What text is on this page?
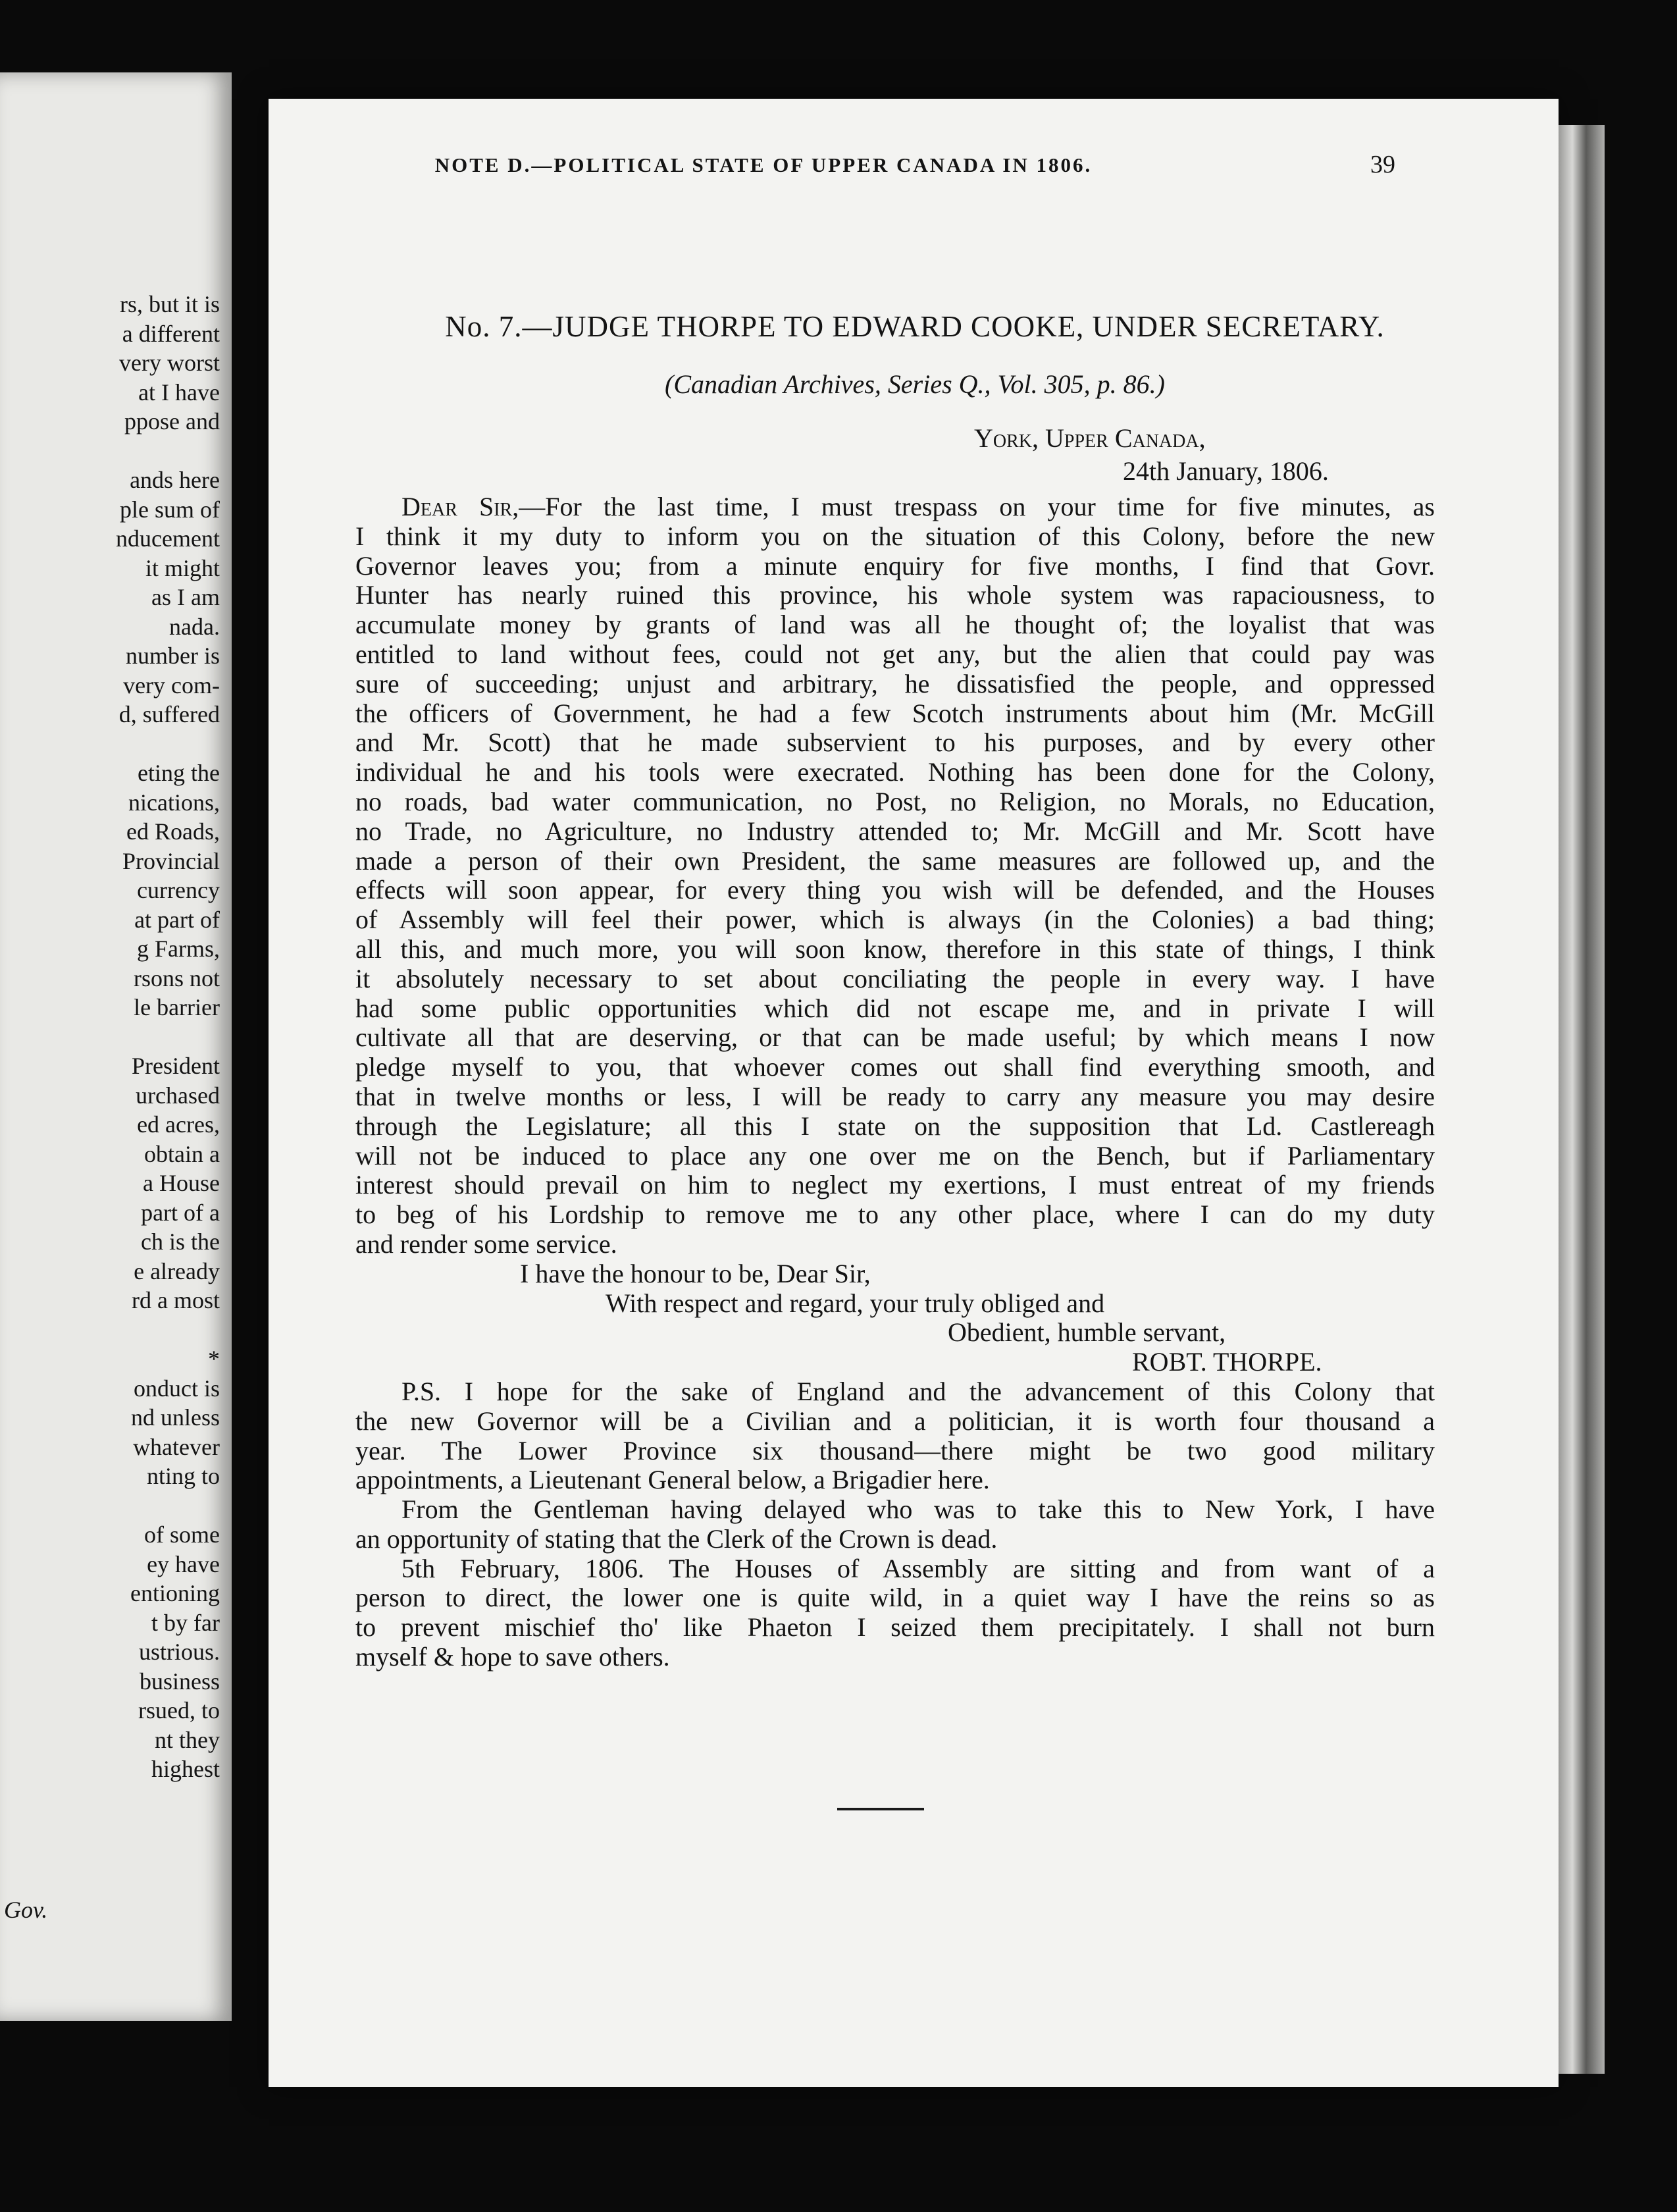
rs, but it is
a different
very worst
at I have
ppose and
ands here
ple sum of
nducement
it might
as I am
nada.
number is
very com-
d, suffered
eting the
nications,
ed Roads,
Provincial
currency
at part of
g Farms,
rsons not
le barrier
President
urchased
ed acres,
obtain a
a House
part of a
ch is the
e already
rd a most
*
onduct is
nd unless
whatever
nting to
of some
ey have
entioning
t by far
ustrious.
business
rsued, to
nt they
highest
Gov.
NOTE D.—POLITICAL STATE OF UPPER CANADA IN 1806.	39
No. 7.—JUDGE THORPE TO EDWARD COOKE, UNDER SECRETARY.
(Canadian Archives, Series Q., Vol. 305, p. 86.)
York, Upper Canada,
24th January, 1806.
Dear Sir,—For the last time, I must trespass on your time for five minutes, as
I think it my duty to inform you on the situation of this Colony, before the new
Governor leaves you; from a minute enquiry for five months, I find that Govr.
Hunter has nearly ruined this province, his whole system was rapaciousness, to
accumulate money by grants of land was all he thought of; the loyalist that was
entitled to land without fees, could not get any, but the alien that could pay was
sure of succeeding; unjust and arbitrary, he dissatisfied the people, and oppressed
the officers of Government, he had a few Scotch instruments about him (Mr. McGill
and Mr. Scott) that he made subservient to his purposes, and by every other
individual he and his tools were execrated. Nothing has been done for the Colony,
no roads, bad water communication, no Post, no Religion, no Morals, no Education,
no Trade, no Agriculture, no Industry attended to; Mr. McGill and Mr. Scott have
made a person of their own President, the same measures are followed up, and the
effects will soon appear, for every thing you wish will be defended, and the Houses
of Assembly will feel their power, which is always (in the Colonies) a bad thing;
all this, and much more, you will soon know, therefore in this state of things, I think
it absolutely necessary to set about conciliating the people in every way. I have
had some public opportunities which did not escape me, and in private I will
cultivate all that are deserving, or that can be made useful; by which means I now
pledge myself to you, that whoever comes out shall find everything smooth, and
that in twelve months or less, I will be ready to carry any measure you may desire
through the Legislature; all this I state on the supposition that Ld. Castlereagh
will not be induced to place any one over me on the Bench, but if Parliamentary
interest should prevail on him to neglect my exertions, I must entreat of my friends
to beg of his Lordship to remove me to any other place, where I can do my duty
and render some service.
I have the honour to be, Dear Sir,
With respect and regard, your truly obliged and
Obedient, humble servant,
ROBT. THORPE.
P.S. I hope for the sake of England and the advancement of this Colony that
the new Governor will be a Civilian and a politician, it is worth four thousand a
year. The Lower Province six thousand—there might be two good military
appointments, a Lieutenant General below, a Brigadier here.
From the Gentleman having delayed who was to take this to New York, I have
an opportunity of stating that the Clerk of the Crown is dead.
5th February, 1806. The Houses of Assembly are sitting and from want of a
person to direct, the lower one is quite wild, in a quiet way I have the reins so as
to prevent mischief tho' like Phaeton I seized them precipitately. I shall not burn
myself & hope to save others.
